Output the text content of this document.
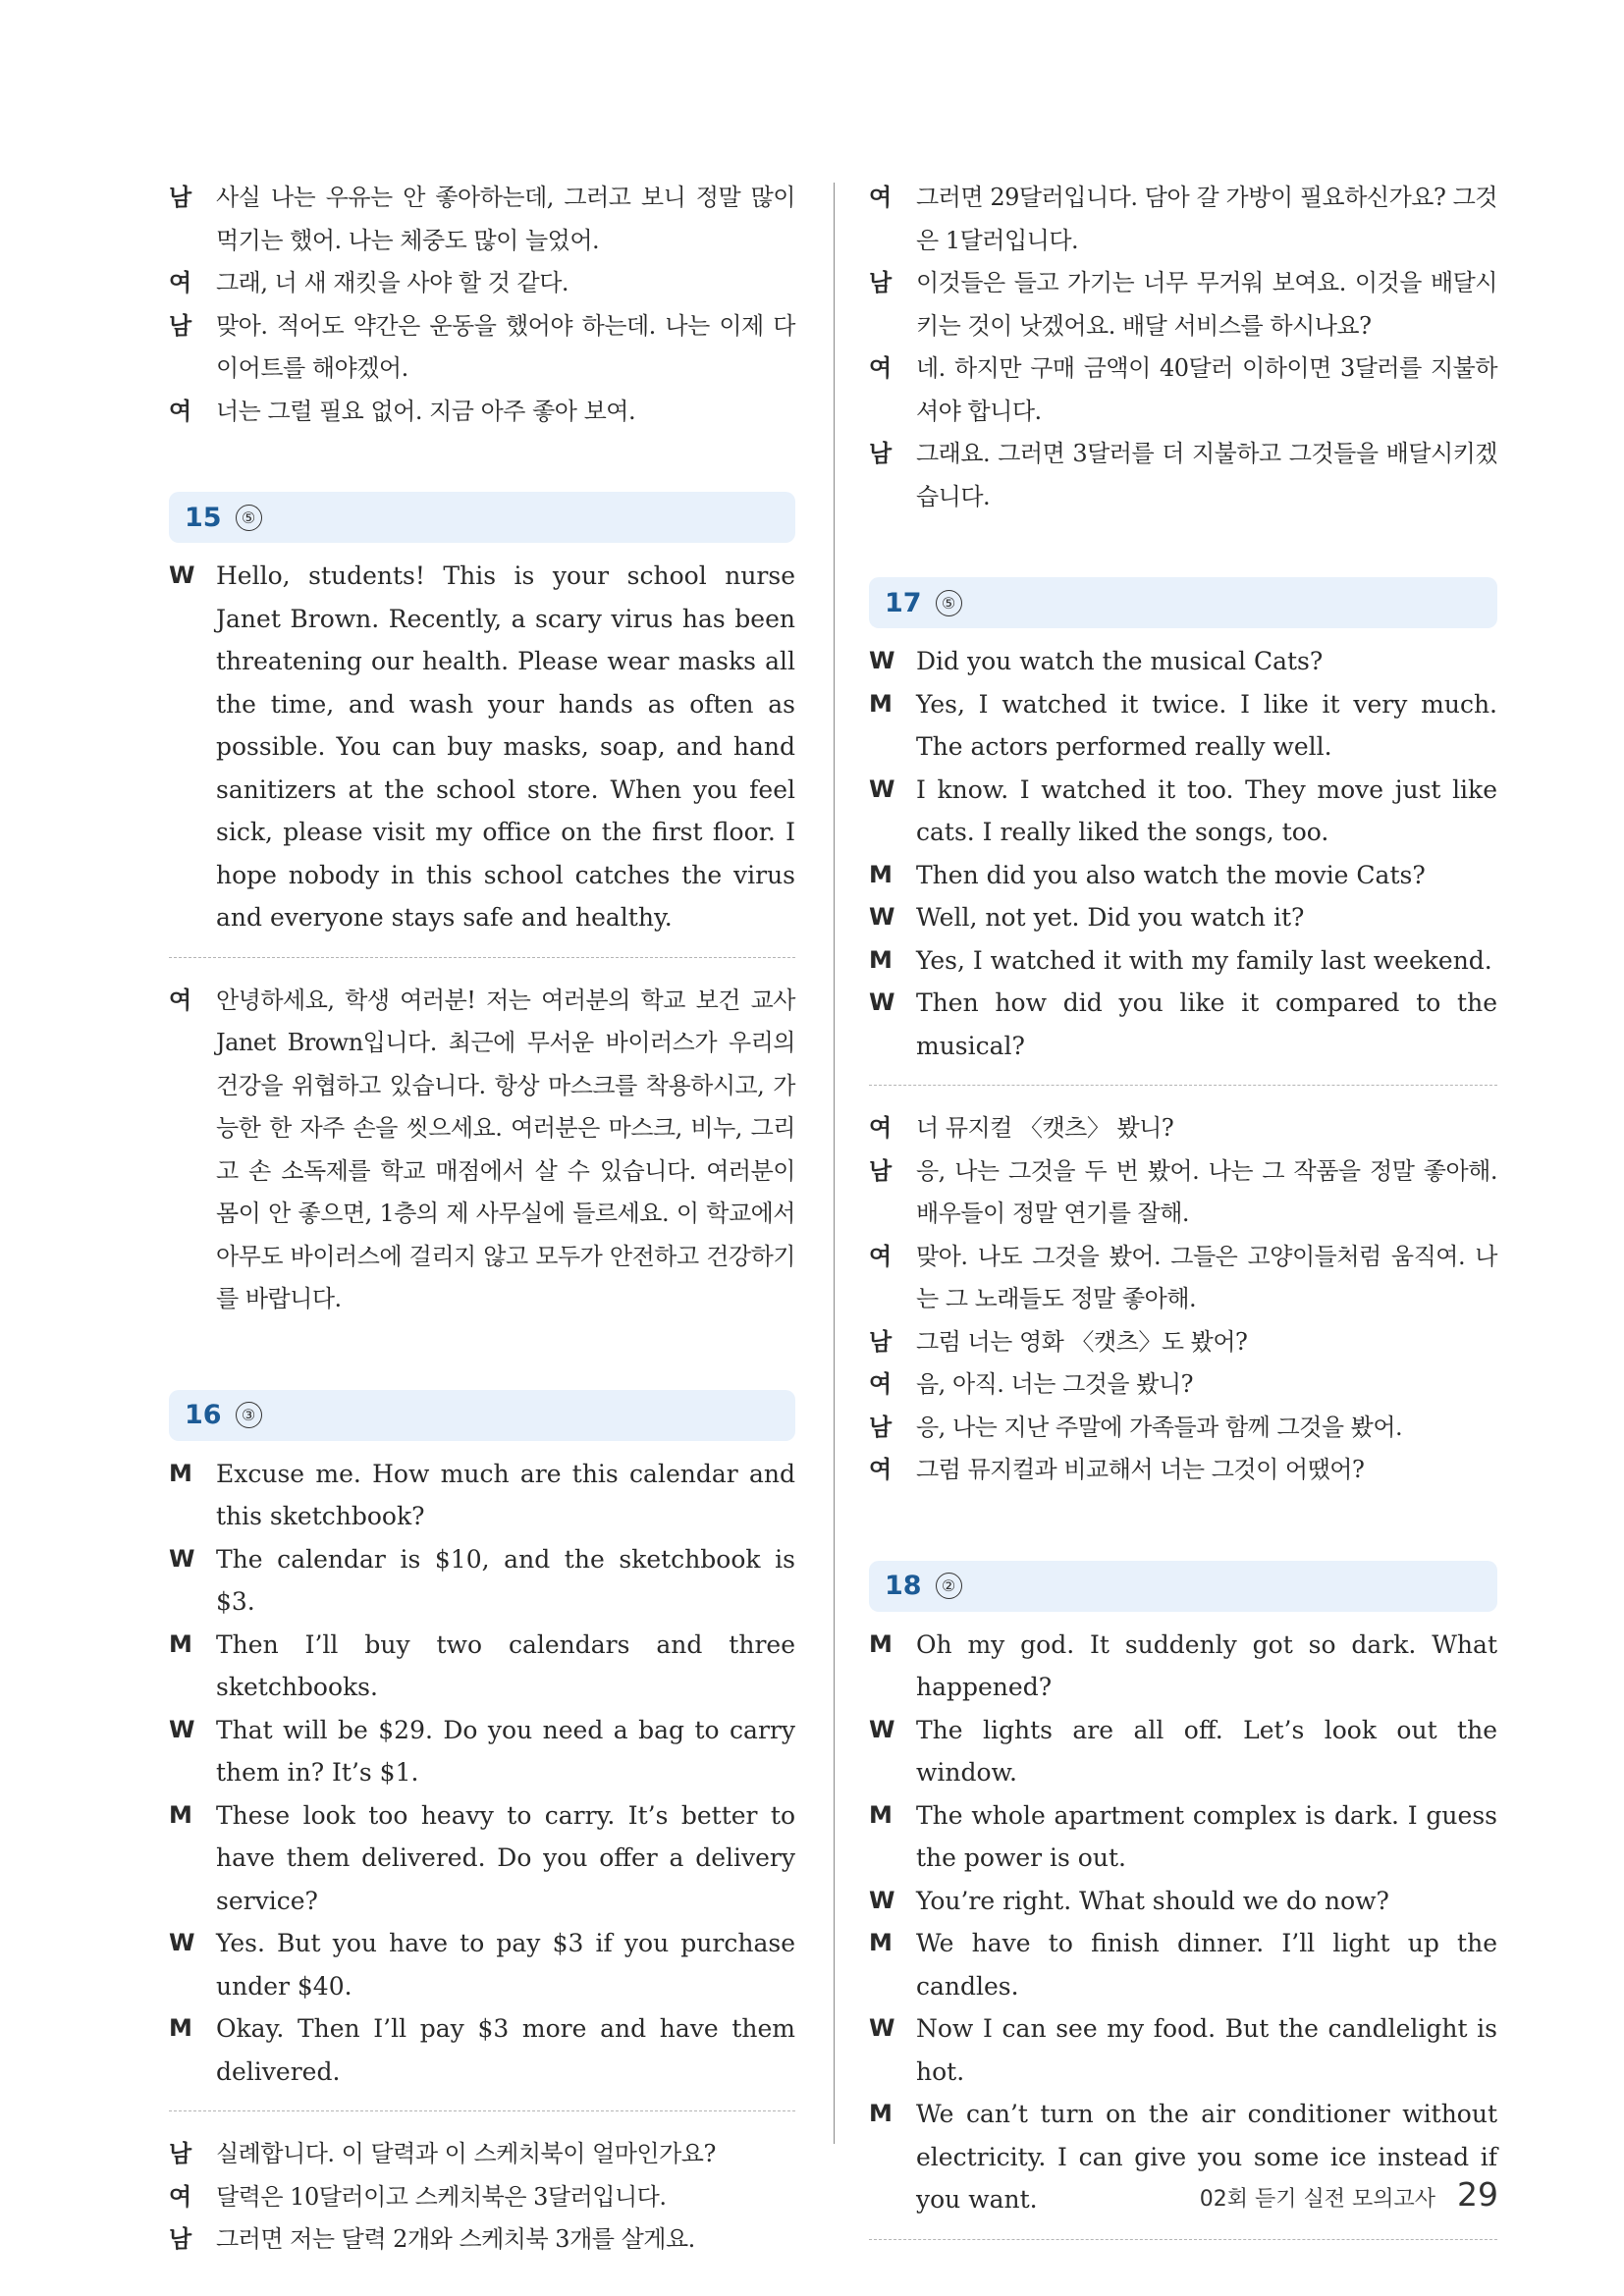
남	사실 나는 우유는 안 좋아하는데, 그러고 보니 정말 많이 먹기는 했어. 나는 체중도 많이 늘었어.
여	그래, 너 새 재킷을 사야 할 것 같다.
남	맞아. 적어도 약간은 운동을 했어야 하는데. 나는 이제 다이어트를 해야겠어.
여	너는 그럴 필요 없어. 지금 아주 좋아 보여.
15	⑤
W Hello, students! This is your school nurse Janet Brown. Recently, a scary virus has been threatening our health. Please wear masks all the time, and wash your hands as often as possible. You can buy masks, soap, and hand sanitizers at the school store. When you feel sick, please visit my office on the first floor. I hope nobody in this school catches the virus and everyone stays safe and healthy.
여	안녕하세요, 학생 여러분! 저는 여러분의 학교 보건 교사 Janet Brown입니다. 최근에 무서운 바이러스가 우리의 건강을 위협하고 있습니다. 항상 마스크를 착용하시고, 가능한 한 자주 손을 씻으세요. 여러분은 마스크, 비누, 그리고 손 소독제를 학교 매점에서 살 수 있습니다. 여러분이 몸이 안 좋으면, 1층의 제 사무실에 들르세요. 이 학교에서 아무도 바이러스에 걸리지 않고 모두가 안전하고 건강하기를 바랍니다.
16	③
M Excuse me. How much are this calendar and this sketchbook?
W The calendar is $10, and the sketchbook is $3.
M Then I’ll buy two calendars and three sketchbooks.
W That will be $29. Do you need a bag to carry them in? It’s $1.
M These look too heavy to carry. It’s better to have them delivered. Do you offer a delivery service?
W Yes. But you have to pay $3 if you purchase under $40.
M Okay. Then I’ll pay $3 more and have them delivered.
남	실례합니다. 이 달력과 이 스케치북이 얼마인가요?
여	달력은 10달러이고 스케치북은 3달러입니다.
남	그러면 저는 달력 2개와 스케치북 3개를 살게요.
여	그러면 29달러입니다. 담아 갈 가방이 필요하신가요? 그것은 1달러입니다.
남	이것들은 들고 가기는 너무 무거워 보여요. 이것을 배달시키는 것이 낫겠어요. 배달 서비스를 하시나요?
여	네. 하지만 구매 금액이 40달러 이하이면 3달러를 지불하셔야 합니다.
남	그래요. 그러면 3달러를 더 지불하고 그것들을 배달시키겠습니다.
17	⑤
W Did you watch the musical Cats?
M Yes, I watched it twice. I like it very much. The actors performed really well.
W I know. I watched it too. They move just like cats. I really liked the songs, too.
M Then did you also watch the movie Cats?
W Well, not yet. Did you watch it?
M Yes, I watched it with my family last weekend.
W Then how did you like it compared to the musical?
여	너 뮤지컬 〈캣츠〉 봤니?
남	응, 나는 그것을 두 번 봤어. 나는 그 작품을 정말 좋아해. 배우들이 정말 연기를 잘해.
여	맞아. 나도 그것을 봤어. 그들은 고양이들처럼 움직여. 나는 그 노래들도 정말 좋아해.
남	그럼 너는 영화 〈캣츠〉도 봤어?
여	음, 아직. 너는 그것을 봤니?
남	응, 나는 지난 주말에 가족들과 함께 그것을 봤어.
여	그럼 뮤지컬과 비교해서 너는 그것이 어땠어?
18	②
M Oh my god. It suddenly got so dark. What happened?
W The lights are all off. Let’s look out the window.
M The whole apartment complex is dark. I guess the power is out.
W You’re right. What should we do now?
M We have to finish dinner. I’ll light up the candles.
W Now I can see my food. But the candlelight is hot.
M We can’t turn on the air conditioner without electricity. I can give you some ice instead if you want.	02회 듣기 실전 모의고사 29
